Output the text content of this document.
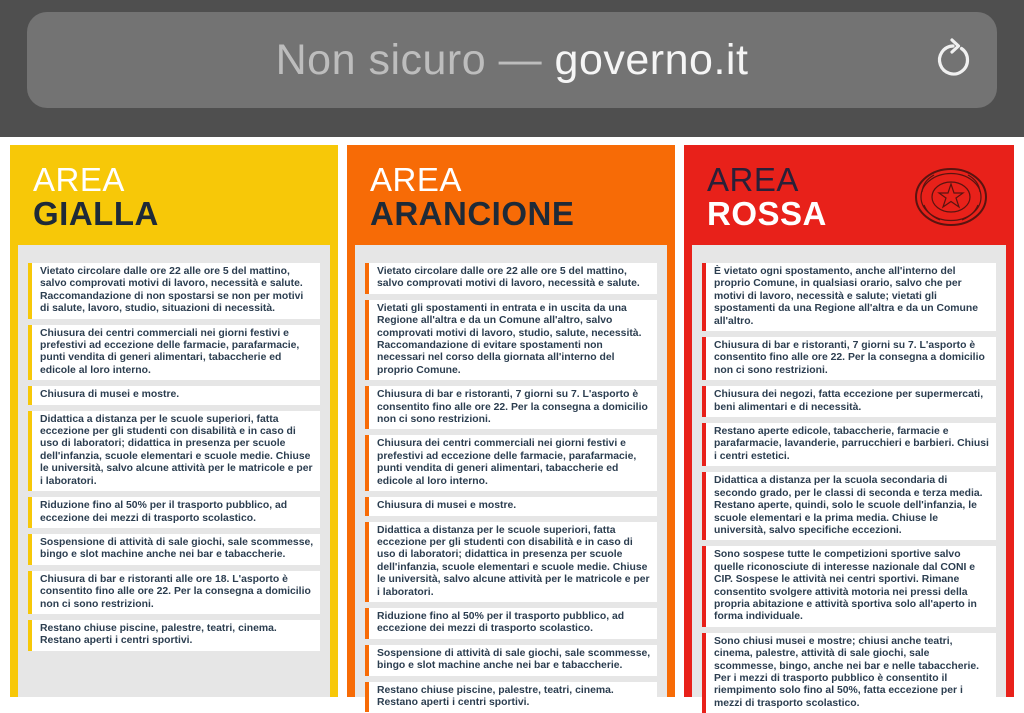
Non sicuro — governo.it
AREA
GIALLA
Vietato circolare dalle ore 22 alle ore 5 del mattino, salvo comprovati motivi di lavoro, necessità e salute. Raccomandazione di non spostarsi se non per motivi di salute, lavoro, studio, situazioni di necessità.
Chiusura dei centri commerciali nei giorni festivi e prefestivi ad eccezione delle farmacie, parafarmacie, punti vendita di generi alimentari, tabaccherie ed edicole al loro interno.
Chiusura di musei e mostre.
Didattica a distanza per le scuole superiori, fatta eccezione per gli studenti con disabilità e in caso di uso di laboratori; didattica in presenza per scuole dell'infanzia, scuole elementari e scuole medie. Chiuse le università, salvo alcune attività per le matricole e per i laboratori.
Riduzione fino al 50% per il trasporto pubblico, ad eccezione dei mezzi di trasporto scolastico.
Sospensione di attività di sale giochi, sale scommesse, bingo e slot machine anche nei bar e tabaccherie.
Chiusura di bar e ristoranti alle ore 18. L'asporto è consentito fino alle ore 22. Per la consegna a domicilio non ci sono restrizioni.
Restano chiuse piscine, palestre, teatri, cinema. Restano aperti i centri sportivi.
AREA
ARANCIONE
Vietato circolare dalle ore 22 alle ore 5 del mattino, salvo comprovati motivi di lavoro, necessità e salute.
Vietati gli spostamenti in entrata e in uscita da una Regione all'altra e da un Comune all'altro, salvo comprovati motivi di lavoro, studio, salute, necessità. Raccomandazione di evitare spostamenti non necessari nel corso della giornata all'interno del proprio Comune.
Chiusura di bar e ristoranti, 7 giorni su 7. L'asporto è consentito fino alle ore 22. Per la consegna a domicilio non ci sono restrizioni.
Chiusura dei centri commerciali nei giorni festivi e prefestivi ad eccezione delle farmacie, parafarmacie, punti vendita di generi alimentari, tabaccherie ed edicole al loro interno.
Chiusura di musei e mostre.
Didattica a distanza per le scuole superiori, fatta eccezione per gli studenti con disabilità e in caso di uso di laboratori; didattica in presenza per scuole dell'infanzia, scuole elementari e scuole medie. Chiuse le università, salvo alcune attività per le matricole e per i laboratori.
Riduzione fino al 50% per il trasporto pubblico, ad eccezione dei mezzi di trasporto scolastico.
Sospensione di attività di sale giochi, sale scommesse, bingo e slot machine anche nei bar e tabaccherie.
Restano chiuse piscine, palestre, teatri, cinema. Restano aperti i centri sportivi.
AREA
ROSSA
È vietato ogni spostamento, anche all'interno del proprio Comune, in qualsiasi orario, salvo che per motivi di lavoro, necessità e salute; vietati gli spostamenti da una Regione all'altra e da un Comune all'altro.
Chiusura di bar e ristoranti, 7 giorni su 7. L'asporto è consentito fino alle ore 22. Per la consegna a domicilio non ci sono restrizioni.
Chiusura dei negozi, fatta eccezione per supermercati, beni alimentari e di necessità.
Restano aperte edicole, tabaccherie, farmacie e parafarmacie, lavanderie, parrucchieri e barbieri. Chiusi i centri estetici.
Didattica a distanza per la scuola secondaria di secondo grado, per le classi di seconda e terza media. Restano aperte, quindi, solo le scuole dell'infanzia, le scuole elementari e la prima media. Chiuse le università, salvo specifiche eccezioni.
Sono sospese tutte le competizioni sportive salvo quelle riconosciute di interesse nazionale dal CONI e CIP. Sospese le attività nei centri sportivi. Rimane consentito svolgere attività motoria nei pressi della propria abitazione e attività sportiva solo all'aperto in forma individuale.
Sono chiusi musei e mostre; chiusi anche teatri, cinema, palestre, attività di sale giochi, sale scommesse, bingo, anche nei bar e nelle tabaccherie. Per i mezzi di trasporto pubblico è consentito il riempimento solo fino al 50%, fatta eccezione per i mezzi di trasporto scolastico.
